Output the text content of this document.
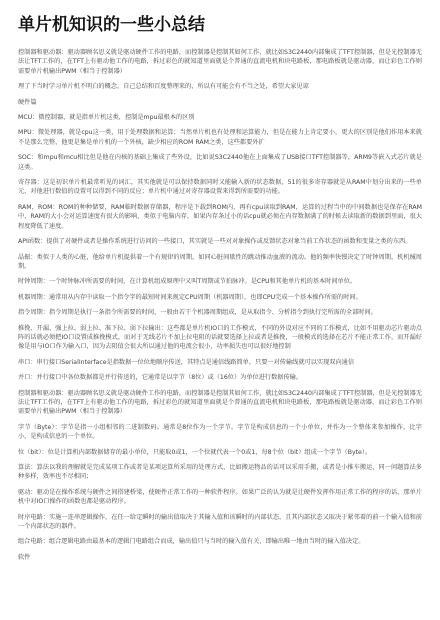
单片机知识的一些小总结

控制器和驱动器：驱动器顾名思义就是驱动硬件工作的电路，而控制器是控制其如何工作，就比如S3C2440内部集成了TFT控制器，但是光控制器无法让TFT工作的，在TFT上有驱动他工作的电路，拆过彩色的就知道里面就是个普通的直流电机和块电路板，那电路板就是驱动器，而让彩色工作则需要单片机输出PWM（相当于控制器）

理了下当时学习单片机不明白的概念，自己总结和百度整理来的，所以有可能会有不当之处，希望大家见谅

硬件篇

MCU：微控制器，就是指单片机这类，控制是mpu最根本的区别

MPU：微处理器，就是cpu这一类，用于处理数据和运算；当然单片机也有处理和运算能力，但是在能力上肯定要小，更大的区别是他们作用本来就不是那么完整，他更是集是单片机的一个外核，缺少相应的ROM RAM之类，这些都要外扩

SOC：和mpu和mcu相比但是他在内核的基础上集成了些外设，比如说S3C2440他在上面集成了USB接口TFT控制器等，ARM9等嵌入式芯片就是这类。

寄存器：这是初识单片机最常听见的词汇，其实他就是可以保持数据同时又能输入新的状态数据，51的很多寄存器就是从RAM中划分出来的一些单元，对他进行数值的设置可以得到不同的反应；单片机中通过对寄存器设置来得到所需要的功能。

RAM，ROM：ROM的种种储要，RAM临时数据存储器，程序是下载到ROM内，再有cpu读取到RAM，运算的过程当中的中间数据也是保存在RAM中，RAM的大小会对运算速度有很大的影响，类似于电脑内存，如果内存条过小的话cpu就必须在内存数据满了的时候去读取新的数据到里面，很大程度降低了速度。

API函数：提供了对硬件或者是操作系统进行访问的一些接口，其实就是一些对对象操作或反馈状态对象当前工作状态的函数和变量之类的东西。

晶振：类似于人类的心脏，他给单片机提供着一个有规律的周期，如同心脏间歇性的跳动推动血液的流动。他的频率快慢决定了时钟周期，机机械周期。

时钟周期：一个时钟脉冲所需要的时间，在计算机组成原理中又叫T周期或节拍脉冲。是CPU和其他单片机的基本时间单位。

机器周期：通常用从内存中读取一个指令字的最短时间来规定CPU周期（机器周期），也即CPU完成一个基本操作所需的时间。

指令周期：指令周期是执行一条指令所需要的时间，一般由若干个机器周期组成，是从取指令、分析指令到执行完所需的全部时间。

推挽、开漏、强上拉、弱上拉、准下拉、弱下拉输出：这些都是单片机IO口的工作模式，不同的外设对应不同的工作模式，比如不用驱动芯片驱动点阵的话就必须把IO口设置成推挽模式，而对于无线芯片不加上拉电阻的话就要选择上拉或者是推挽，一般模式的选择在芯片不能正常工作，而开漏好像是用与IO口作为输入口，因为去阻值会很大所以通过他的电流会很小，功率损失也可以很好地控制

串口：串行接口SerialInterface是指数据一位位地顺序传送，其特点是通信线路简单，只要一对传输线就可以实现双向通信

并口：并行接口中各位数据都是并行传送的，它通常是以字节（8位）或（16位）为单位进行数据传输。

控制器和驱动器：驱动器顾名思义就是驱动硬件工作的电路，而控制器是控制其如何工作，就比如S3C2440内部集成了TFT控制器，但是光控制器无法让TFT工作的，在TFT上有驱动他工作的电路，拆过彩色的就知道里面就是个普通的直流电机和块电路板，那电路板就是驱动器，而让彩色工作则需要单片机输出PWM（相当于控制器）

字节（Byte）：字节是指一小组相邻的二进制数码。通常是8位作为一个字节。字节是构成信息的一个小单位，并作为一个整体来参加操作，比字小，是构成信息的一个单位。

位（bit）：位是计算机内部数据储存的最小单位，只能取0或1，一个位就代表一个0或1，每8个位（bit）组成一个字节（Byte）。

算法：算法以我的理解就是完成某项工作或者是某项运算所采用的处理方式，比如搬运物品的话可以采用手搬，或者是小推车搬运，同一问题算法多种多样，效率也不尽相同；

驱动：驱动是在操作系统与硬件之间搭建桥梁，使硬件正常工作的一种软件程序。如果广泛的认为就是让硬件发挥作用正常工作的程序的话，那单片机中对IO口操作的函数也都是驱动程序。

时序电路：实施一连串逻辑操作，在任一给定瞬时的输出值取决于其输入值和该瞬时的内部状态，且其内部状态又取决于紧邻着的前一个输入值和前一个内部状态的器件。

组合电路：组合逻辑电路由最基本的逻辑门电路组合而成，输出值只与当时的输入值有关，即输出唯一地由当时的输入值决定。

软件
